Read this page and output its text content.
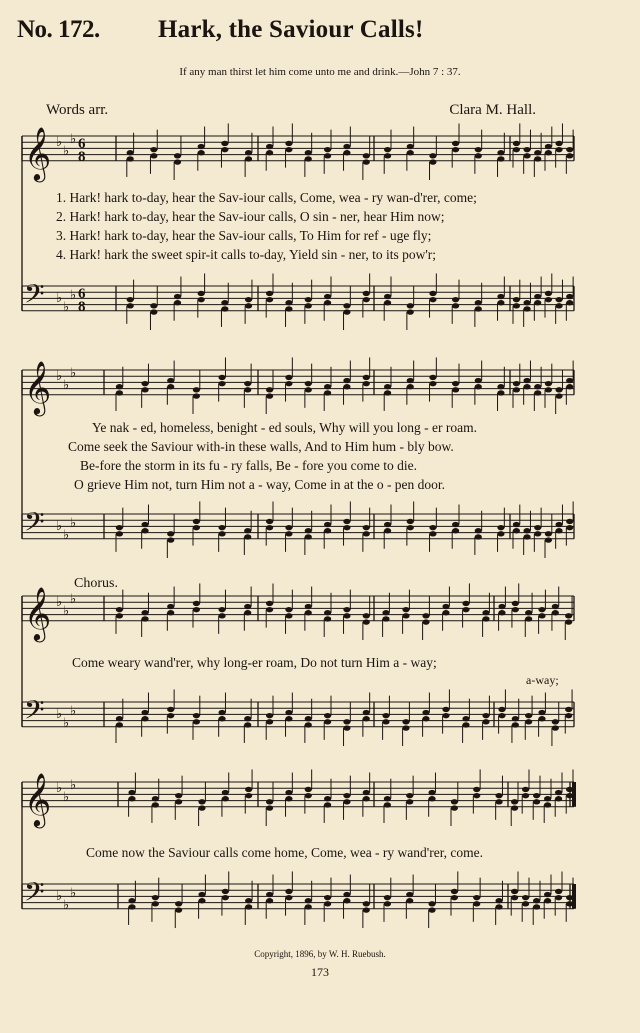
No. 172. Hark, the Saviour Calls!
If any man thirst let him come unto me and drink.—John 7 : 37.
Words arr.	Clara M. Hall.
𝄞 ♭
♭
♭ 6
8
𝄢 ♭
♭
♭ 6
8
𝄞 ♭
♭
♭
𝄢 ♭
♭
♭
𝄞 ♭
♭
♭
𝄢 ♭
♭
♭
𝄞 ♭
♭
♭
𝄢 ♭
♭
♭
1. Hark! hark to-day, hear the Sav-iour calls, Come, wea - ry wan-d'rer, come;
2. Hark! hark to-day, hear the Sav-iour calls, O sin - ner, hear Him now;
3. Hark! hark to-day, hear the Sav-iour calls, To Him for ref - uge fly;
4. Hark! hark the sweet spir-it calls to-day, Yield sin - ner, to its pow'r;
Ye nak - ed, homeless, benight - ed souls, Why will you long - er roam.
Come seek the Saviour with-in these walls, And to Him hum - bly bow.
Be-fore the storm in its fu - ry falls, Be - fore you come to die.
O grieve Him not, turn Him not a - way, Come in at the o - pen door.
Chorus.
Come weary wand'rer, why long-er roam, Do not turn Him a - way;
a-way;
Come now the Saviour calls come home, Come, wea - ry wand'rer, come.
Copyright, 1896, by W. H. Ruebush.
173
